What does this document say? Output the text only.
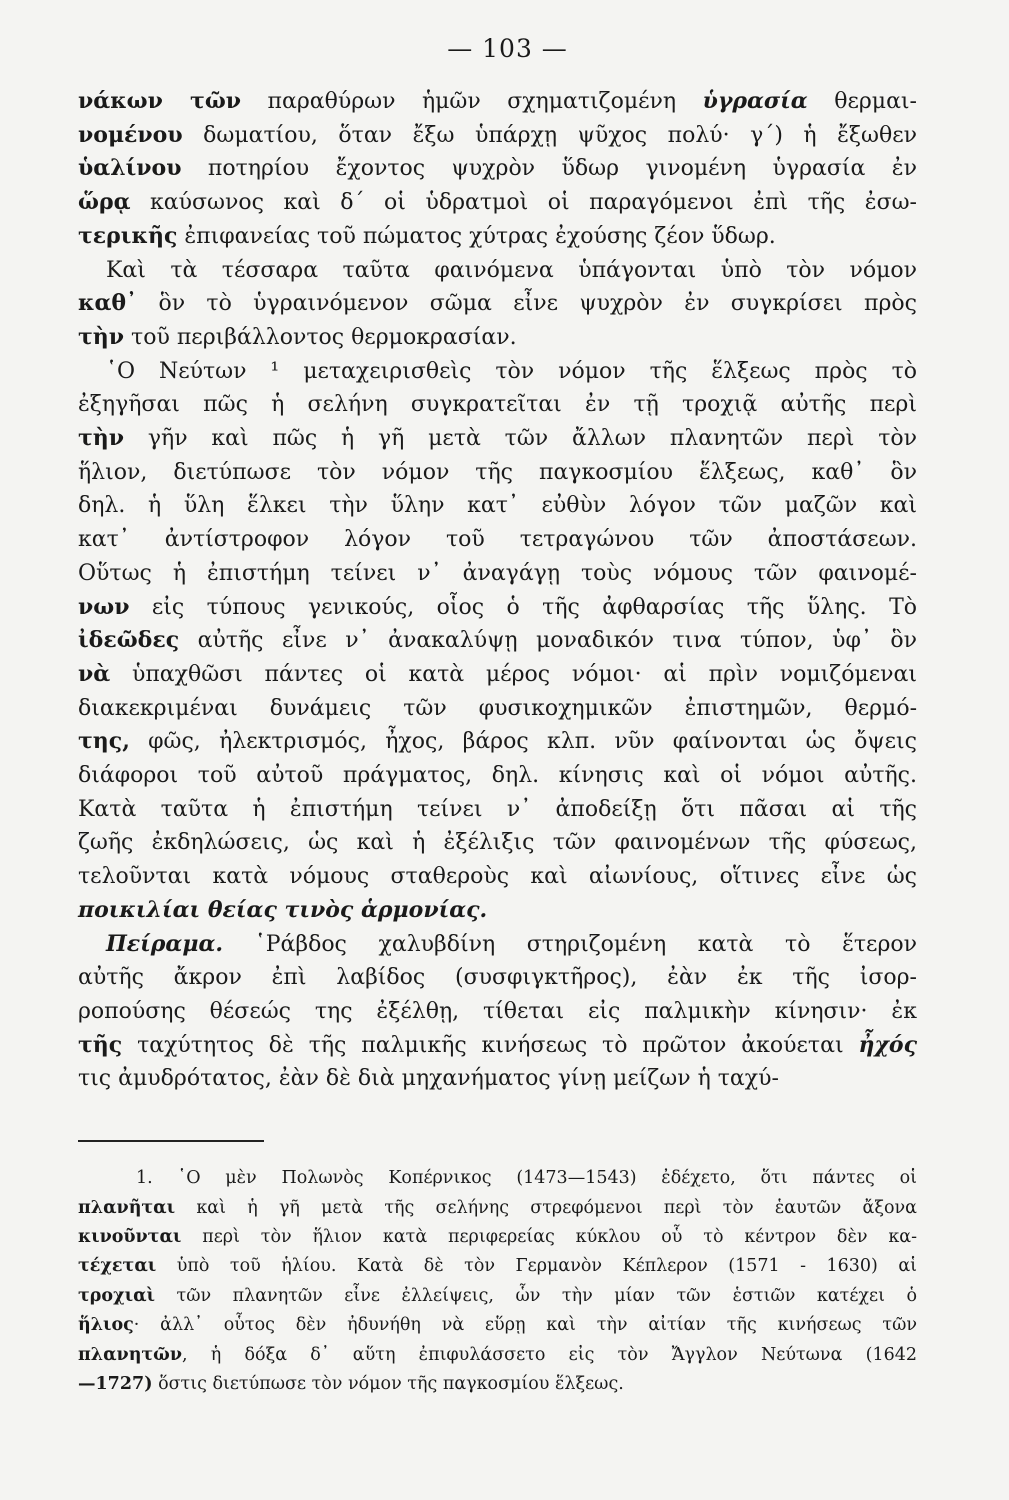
— 103 —

νάκων τῶν παραθύρων ἡμῶν σχηματιζομένη ὑγρασία θερμαι-
νομένου δωματίου, ὅταν ἔξω ὑπάρχῃ ψῦχος πολύ· γ´) ἡ ἔξωθεν
ὑαλίνου ποτηρίου ἔχοντος ψυχρὸν ὕδωρ γινομένη ὑγρασία ἐν
ὥρᾳ καύσωνος καὶ δ´ οἱ ὑδρατμοὶ οἱ παραγόμενοι ἐπὶ τῆς ἐσω-
τερικῆς ἐπιφανείας τοῦ πώματος χύτρας ἐχούσης ζέον ὕδωρ.

Καὶ τὰ τέσσαρα ταῦτα φαινόμενα ὑπάγονται ὑπὸ τὸν νόμον
καθ᾽ ὃν τὸ ὑγραινόμενον σῶμα εἶνε ψυχρὸν ἐν συγκρίσει πρὸς
τὴν τοῦ περιβάλλοντος θερμοκρασίαν.

῾Ο Νεύτων ¹ μεταχειρισθεὶς τὸν νόμον τῆς ἕλξεως πρὸς τὸ
ἐξηγῆσαι πῶς ἡ σελήνη συγκρατεῖται ἐν τῇ τροχιᾷ αὐτῆς περὶ
τὴν γῆν καὶ πῶς ἡ γῆ μετὰ τῶν ἄλλων πλανητῶν περὶ τὸν
ἥλιον, διετύπωσε τὸν νόμον τῆς παγκοσμίου ἕλξεως, καθ᾽ ὃν
δηλ. ἡ ὕλη ἕλκει τὴν ὕλην κατ᾽ εὐθὺν λόγον τῶν μαζῶν καὶ
κατ᾽ ἀντίστροφον λόγον τοῦ τετραγώνου τῶν ἀποστάσεων.
Οὕτως ἡ ἐπιστήμη τείνει ν᾽ ἀναγάγῃ τοὺς νόμους τῶν φαινομέ-
νων εἰς τύπους γενικούς, οἷος ὁ τῆς ἀφθαρσίας τῆς ὕλης. Τὸ
ἰδεῶδες αὐτῆς εἶνε ν᾽ ἀνακαλύψῃ μοναδικόν τινα τύπον, ὑφ᾽ ὃν
νὰ ὑπαχθῶσι πάντες οἱ κατὰ μέρος νόμοι· αἱ πρὶν νομιζόμεναι
διακεκριμέναι δυνάμεις τῶν φυσικοχημικῶν ἐπιστημῶν, θερμό-
της, φῶς, ἠλεκτρισμός, ἦχος, βάρος κλπ. νῦν φαίνονται ὡς ὄψεις
διάφοροι τοῦ αὐτοῦ πράγματος, δηλ. κίνησις καὶ οἱ νόμοι αὐτῆς.
Κατὰ ταῦτα ἡ ἐπιστήμη τείνει ν᾽ ἀποδείξῃ ὅτι πᾶσαι αἱ τῆς
ζωῆς ἐκδηλώσεις, ὡς καὶ ἡ ἐξέλιξις τῶν φαινομένων τῆς φύσεως,
τελοῦνται κατὰ νόμους σταθεροὺς καὶ αἰωνίους, οἵτινες εἶνε ὡς
ποικιλίαι θείας τινὸς ἁρμονίας.

Πείραμα. ῾Ράβδος χαλυβδίνη στηριζομένη κατὰ τὸ ἕτερον
αὐτῆς ἄκρον ἐπὶ λαβίδος (συσφιγκτῆρος), ἐὰν ἐκ τῆς ἰσορ-
ροπούσης θέσεώς της ἐξέλθῃ, τίθεται εἰς παλμικὴν κίνησιν· ἐκ
τῆς ταχύτητος δὲ τῆς παλμικῆς κινήσεως τὸ πρῶτον ἀκούεται ἦχός
τις ἀμυδρότατος, ἐὰν δὲ διὰ μηχανήματος γίνῃ μείζων ἡ ταχύ-

1. ῾Ο μὲν Πολωνὸς Κοπέρνικος (1473—1543) ἐδέχετο, ὅτι πάντες οἱ
πλανῆται καὶ ἡ γῆ μετὰ τῆς σελήνης στρεφόμενοι περὶ τὸν ἑαυτῶν ἄξονα
κινοῦνται περὶ τὸν ἥλιον κατὰ περιφερείας κύκλου οὗ τὸ κέντρον δὲν κα-
τέχεται ὑπὸ τοῦ ἡλίου. Κατὰ δὲ τὸν Γερμανὸν Κέπλερον (1571 - 1630) αἱ
τροχιαὶ τῶν πλανητῶν εἶνε ἐλλείψεις, ὧν τὴν μίαν τῶν ἑστιῶν κατέχει ὁ
ἥλιος· ἀλλ᾽ οὗτος δὲν ἠδυνήθη νὰ εὕρῃ καὶ τὴν αἰτίαν τῆς κινήσεως τῶν
πλανητῶν, ἡ δόξα δ᾽ αὕτη ἐπιφυλάσσετο εἰς τὸν Ἄγγλον Νεύτωνα (1642
—1727) ὅστις διετύπωσε τὸν νόμον τῆς παγκοσμίου ἕλξεως.
